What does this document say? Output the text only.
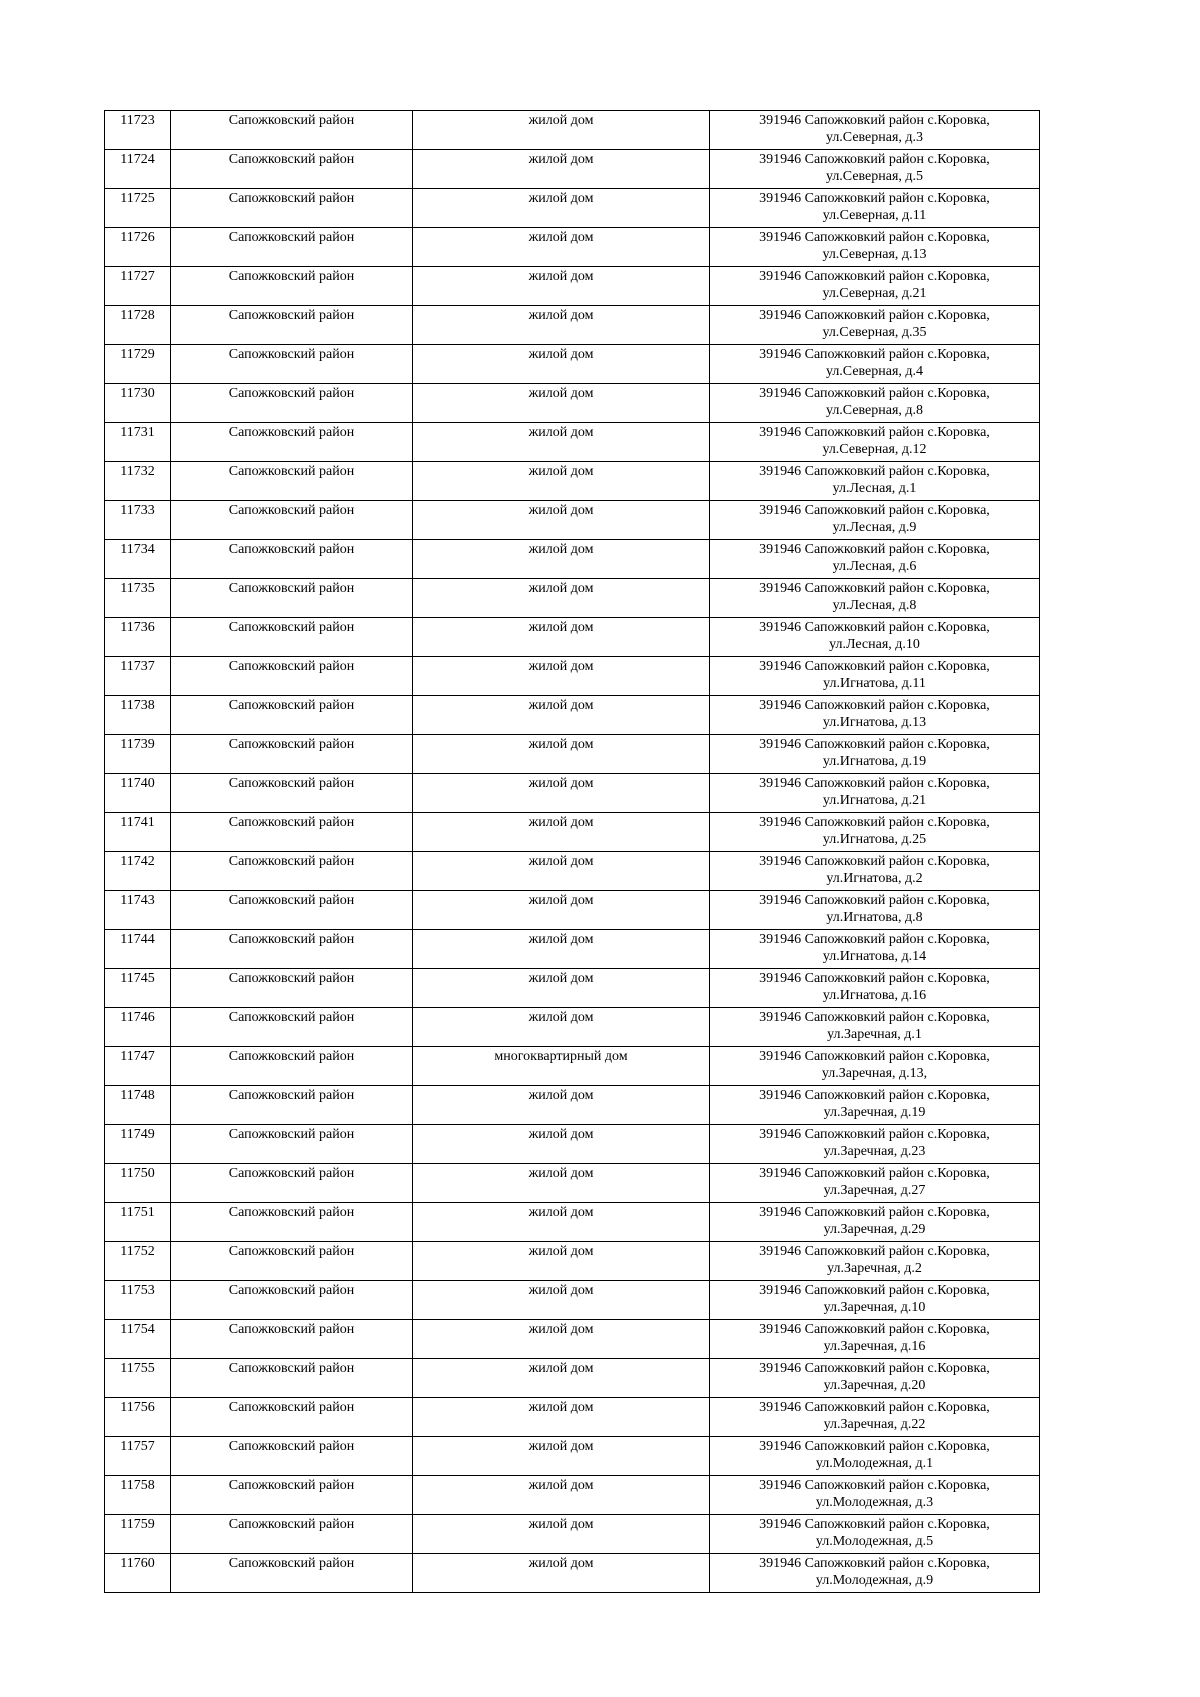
11723	Сапожковский район	жилой дом	391946 Сапожковкий район с.Коровка,
ул.Северная, д.3

11724	Сапожковский район	жилой дом	391946 Сапожковкий район с.Коровка,
ул.Северная, д.5

11725	Сапожковский район	жилой дом	391946 Сапожковкий район с.Коровка,
ул.Северная, д.11

11726	Сапожковский район	жилой дом	391946 Сапожковкий район с.Коровка,
ул.Северная, д.13

11727	Сапожковский район	жилой дом	391946 Сапожковкий район с.Коровка,
ул.Северная, д.21

11728	Сапожковский район	жилой дом	391946 Сапожковкий район с.Коровка,
ул.Северная, д.35

11729	Сапожковский район	жилой дом	391946 Сапожковкий район с.Коровка,
ул.Северная, д.4

11730	Сапожковский район	жилой дом	391946 Сапожковкий район с.Коровка,
ул.Северная, д.8

11731	Сапожковский район	жилой дом	391946 Сапожковкий район с.Коровка,
ул.Северная, д.12

11732	Сапожковский район	жилой дом	391946 Сапожковкий район с.Коровка,
ул.Лесная, д.1

11733	Сапожковский район	жилой дом	391946 Сапожковкий район с.Коровка,
ул.Лесная, д.9

11734	Сапожковский район	жилой дом	391946 Сапожковкий район с.Коровка,
ул.Лесная, д.6

11735	Сапожковский район	жилой дом	391946 Сапожковкий район с.Коровка,
ул.Лесная, д.8

11736	Сапожковский район	жилой дом	391946 Сапожковкий район с.Коровка,
ул.Лесная, д.10

11737	Сапожковский район	жилой дом	391946 Сапожковкий район с.Коровка,
ул.Игнатова, д.11

11738	Сапожковский район	жилой дом	391946 Сапожковкий район с.Коровка,
ул.Игнатова, д.13

11739	Сапожковский район	жилой дом	391946 Сапожковкий район с.Коровка,
ул.Игнатова, д.19

11740	Сапожковский район	жилой дом	391946 Сапожковкий район с.Коровка,
ул.Игнатова, д.21

11741	Сапожковский район	жилой дом	391946 Сапожковкий район с.Коровка,
ул.Игнатова, д.25

11742	Сапожковский район	жилой дом	391946 Сапожковкий район с.Коровка,
ул.Игнатова, д.2

11743	Сапожковский район	жилой дом	391946 Сапожковкий район с.Коровка,
ул.Игнатова, д.8

11744	Сапожковский район	жилой дом	391946 Сапожковкий район с.Коровка,
ул.Игнатова, д.14

11745	Сапожковский район	жилой дом	391946 Сапожковкий район с.Коровка,
ул.Игнатова, д.16

11746	Сапожковский район	жилой дом	391946 Сапожковкий район с.Коровка,
ул.Заречная, д.1

11747	Сапожковский район	многоквартирный дом	391946 Сапожковкий район с.Коровка,
ул.Заречная, д.13,

11748	Сапожковский район	жилой дом	391946 Сапожковкий район с.Коровка,
ул.Заречная, д.19

11749	Сапожковский район	жилой дом	391946 Сапожковкий район с.Коровка,
ул.Заречная, д.23

11750	Сапожковский район	жилой дом	391946 Сапожковкий район с.Коровка,
ул.Заречная, д.27

11751	Сапожковский район	жилой дом	391946 Сапожковкий район с.Коровка,
ул.Заречная, д.29

11752	Сапожковский район	жилой дом	391946 Сапожковкий район с.Коровка,
ул.Заречная, д.2

11753	Сапожковский район	жилой дом	391946 Сапожковкий район с.Коровка,
ул.Заречная, д.10

11754	Сапожковский район	жилой дом	391946 Сапожковкий район с.Коровка,
ул.Заречная, д.16

11755	Сапожковский район	жилой дом	391946 Сапожковкий район с.Коровка,
ул.Заречная, д.20

11756	Сапожковский район	жилой дом	391946 Сапожковкий район с.Коровка,
ул.Заречная, д.22

11757	Сапожковский район	жилой дом	391946 Сапожковкий район с.Коровка,
ул.Молодежная, д.1

11758	Сапожковский район	жилой дом	391946 Сапожковкий район с.Коровка,
ул.Молодежная, д.3

11759	Сапожковский район	жилой дом	391946 Сапожковкий район с.Коровка,
ул.Молодежная, д.5

11760	Сапожковский район	жилой дом	391946 Сапожковкий район с.Коровка,
ул.Молодежная, д.9
